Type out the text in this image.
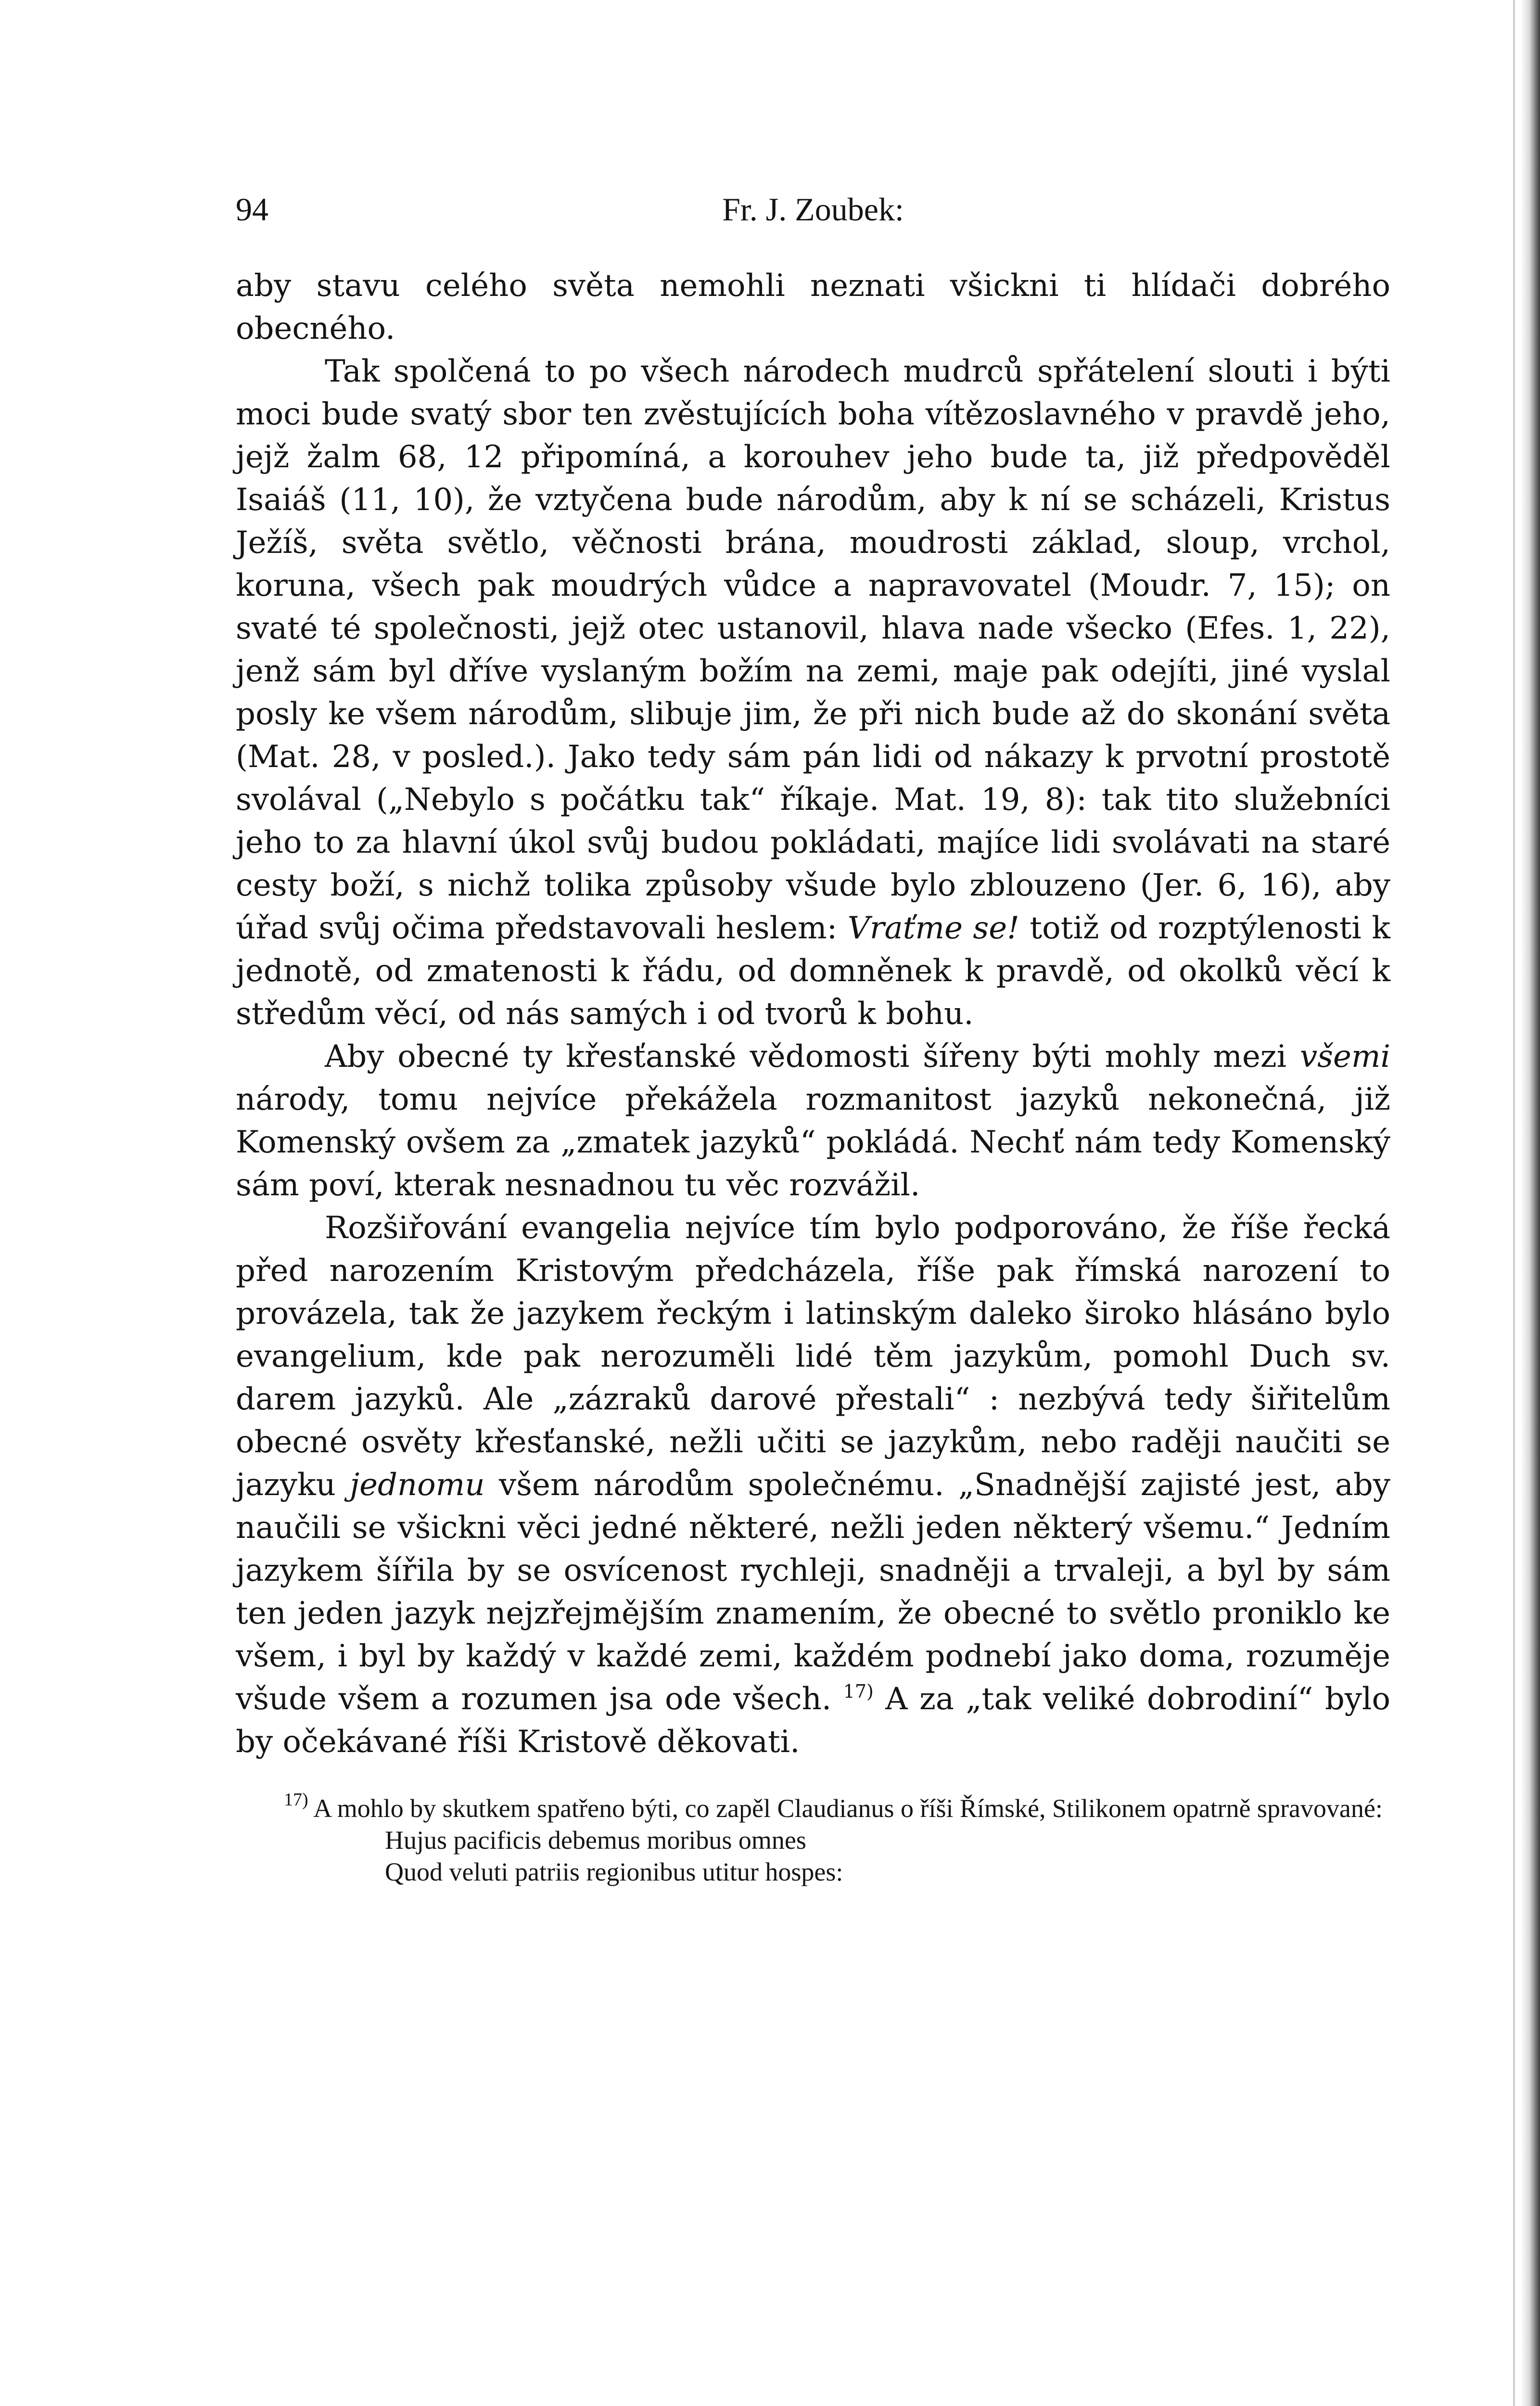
94	Fr. J. Zoubek:

aby stavu celého světa nemohli neznati všickni ti hlídači dobrého obecného.

Tak spolčená to po všech národech mudrců spřátelení slouti i býti moci bude svatý sbor ten zvěstujících boha vítězoslavného v pravdě jeho, jejž žalm 68, 12 připomíná, a korouhev jeho bude ta, již předpověděl Isaiáš (11, 10), že vztyčena bude národům, aby k ní se scházeli, Kristus Ježíš, světa světlo, věčnosti brána, moudrosti základ, sloup, vrchol, koruna, všech pak moudrých vůdce a napravovatel (Moudr. 7, 15); on svaté té společnosti, jejž otec ustanovil, hlava nade všecko (Efes. 1, 22), jenž sám byl dříve vyslaným božím na zemi, maje pak odejíti, jiné vyslal posly ke všem národům, slibuje jim, že při nich bude až do skonání světa (Mat. 28, v posled.). Jako tedy sám pán lidi od nákazy k prvotní prostotě svolával („Nebylo s počátku tak“ říkaje. Mat. 19, 8): tak tito služebníci jeho to za hlavní úkol svůj budou pokládati, majíce lidi svolávati na staré cesty boží, s nichž tolika způsoby všude bylo zblouzeno (Jer. 6, 16), aby úřad svůj očima představovali heslem: Vraťme se! totiž od rozptýlenosti k jednotě, od zmatenosti k řádu, od domněnek k pravdě, od okolků věcí k středům věcí, od nás samých i od tvorů k bohu.

Aby obecné ty křesťanské vědomosti šířeny býti mohly mezi všemi národy, tomu nejvíce překážela rozmanitost jazyků nekonečná, již Komenský ovšem za „zmatek jazyků“ pokládá. Nechť nám tedy Komenský sám poví, kterak nesnadnou tu věc rozvážil.

Rozšiřování evangelia nejvíce tím bylo podporováno, že říše řecká před narozením Kristovým předcházela, říše pak římská narození to provázela, tak že jazykem řeckým i latinským daleko široko hlásáno bylo evangelium, kde pak nerozuměli lidé těm jazykům, pomohl Duch sv. darem jazyků. Ale „zázraků darové přestali“ : nezbývá tedy šiřitelům obecné osvěty křesťanské, nežli učiti se jazykům, nebo raději naučiti se jazyku jednomu všem národům společnému. „Snadnější zajisté jest, aby naučili se všickni věci jedné některé, nežli jeden některý všemu.“ Jedním jazykem šířila by se osvícenost rychleji, snadněji a trvaleji, a byl by sám ten jeden jazyk nejzřejmějším znamením, že obecné to světlo proniklo ke všem, i byl by každý v každé zemi, každém podnebí jako doma, rozuměje všude všem a rozumen jsa ode všech. $^{17)}$ A za „tak veliké dobrodiní“ bylo by očekávané říši Kristově děkovati.

$^{17)}$ A mohlo by skutkem spatřeno býti, co zapěl Claudianus o říši Římské, Stilikonem opatrně spravované:

Hujus pacificis debemus moribus omnes

Quod veluti patriis regionibus utitur hospes:
